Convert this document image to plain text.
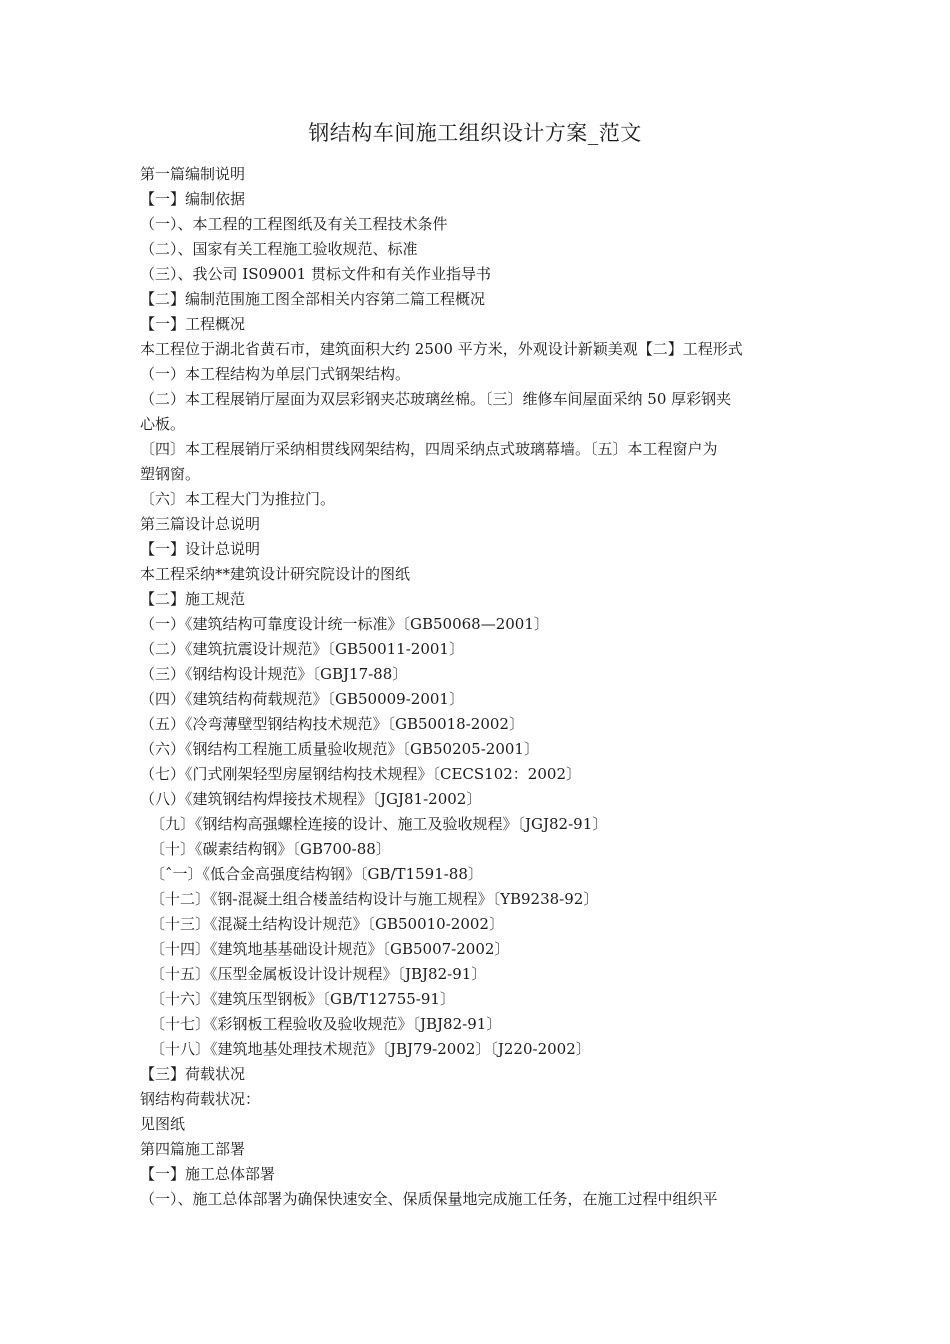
钢结构车间施工组织设计方案_范文
第一篇编制说明
【一】编制依据
（一）、本工程的工程图纸及有关工程技术条件
（二）、国家有关工程施工验收规范、标准
（三）、我公司 IS09001 贯标文件和有关作业指导书
【二】编制范围施工图全部相关内容第二篇工程概况
【一】工程概况
本工程位于湖北省黄石市，建筑面积大约 2500 平方米，外观设计新颖美观【二】工程形式
（一）本工程结构为单层门式钢架结构。
（二）本工程展销厅屋面为双层彩钢夹芯玻璃丝棉。〔三〕维修车间屋面采纳 50 厚彩钢夹
心板。
〔四〕本工程展销厅采纳相贯线网架结构，四周采纳点式玻璃幕墙。〔五〕本工程窗户为
塑钢窗。
〔六〕本工程大门为推拉门。
第三篇设计总说明
【一】设计总说明
本工程采纳**建筑设计研究院设计的图纸
【二】施工规范
（一）《建筑结构可靠度设计统一标准》〔GB50068—2001〕
（二）《建筑抗震设计规范》〔GB50011-2001〕
（三）《钢结构设计规范》〔GBJ17-88〕
（四）《建筑结构荷载规范》〔GB50009-2001〕
（五）《冷弯薄壁型钢结构技术规范》〔GB50018-2002〕
（六）《钢结构工程施工质量验收规范》〔GB50205-2001〕
（七）《门式刚架轻型房屋钢结构技术规程》〔CECS102：2002〕
（八）《建筑钢结构焊接技术规程》〔JGJ81-2002〕
〔九〕《钢结构高强螺栓连接的设计、施工及验收规程》〔JGJ82-91〕
〔十〕《碳素结构钢》〔GB700-88〕
〔ˆ一〕《低合金高强度结构钢》〔GB/T1591-88〕
〔十二〕《钢-混凝土组合楼盖结构设计与施工规程》〔YB9238-92〕
〔十三〕《混凝土结构设计规范》〔GB50010-2002〕
〔十四〕《建筑地基基础设计规范》〔GB5007-2002〕
〔十五〕《压型金属板设计设计规程》〔JBJ82-91〕
〔十六〕《建筑压型钢板》〔GB/T12755-91〕
〔十七〕《彩钢板工程验收及验收规范》〔JBJ82-91〕
〔十八〕《建筑地基处理技术规范》〔JBJ79-2002〕〔J220-2002〕
【三】荷载状况
钢结构荷载状况：
见图纸
第四篇施工部署
【一】施工总体部署
（一）、施工总体部署为确保快速安全、保质保量地完成施工任务，在施工过程中组织平
